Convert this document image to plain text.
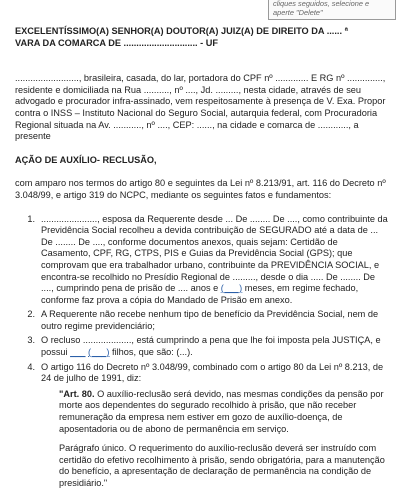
cliques seguidos, selecione e
aperte "Delete"
EXCELENTÍSSIMO(A) SENHOR(A) DOUTOR(A) JUIZ(A) DE DIREITO DA ...... ª
VARA DA COMARCA DE ............................. - UF
........................., brasileira, casada, do lar, portadora do CPF nº ............. E RG nº .............., residente e domiciliada na Rua .........., nº ...., Jd. ........., nesta cidade, através de seu advogado e procurador infra-assinado, vem respeitosamente à presença de V. Exa. Propor contra o INSS – Instituto Nacional do Seguro Social, autarquia federal, com Procuradoria Regional situada na Av. ..........., nº ...., CEP: ......, na cidade e comarca de ............, a presente
AÇÃO DE AUXÍLIO- RECLUSÃO,
com amparo nos termos do artigo 80 e seguintes da Lei nº 8.213/91, art. 116 do Decreto nº 3.048/99, e artigo 319 do NCPC, mediante os seguintes fatos e fundamentos:
1. ......................, esposa da Requerente desde ... De ........ De ...., como contribuinte da Previdência Social recolheu a devida contribuição de SEGURADO até a data de ... De ........ De ...., conforme documentos anexos, quais sejam: Certidão de Casamento, CPF, RG, CTPS, PIS e Guias da Previdência Social (GPS); que comprovam que era trabalhador urbano, contribuinte da PREVIDÊNCIA SOCIAL, e encontra-se recolhido no Presídio Regional de ........., desde o dia ..... De ........ De ...., cumprindo pena de prisão de .... anos e (___) meses, em regime fechado, conforme faz prova a cópia do Mandado de Prisão em anexo.
2. A Requerente não recebe nenhum tipo de benefício da Previdência Social, nem de outro regime previdenciário;
3. O recluso ..................., está cumprindo a pena que lhe foi imposta pela JUSTIÇA, e possui ___ (___) filhos, que são: (...).
4. O artigo 116 do Decreto nº 3.048/99, combinado com o artigo 80 da Lei nº 8.213, de 24 de julho de 1991, diz:
"Art. 80. O auxílio-reclusão será devido, nas mesmas condições da pensão por morte aos dependentes do segurado recolhido à prisão, que não receber remuneração da empresa nem estiver em gozo de auxílio-doença, de aposentadoria ou de abono de permanência em serviço.
Parágrafo único. O requerimento do auxílio-reclusão deverá ser instruído com certidão do efetivo recolhimento à prisão, sendo obrigatória, para a manutenção do benefício, a apresentação de declaração de permanência na condição de presidiário."
